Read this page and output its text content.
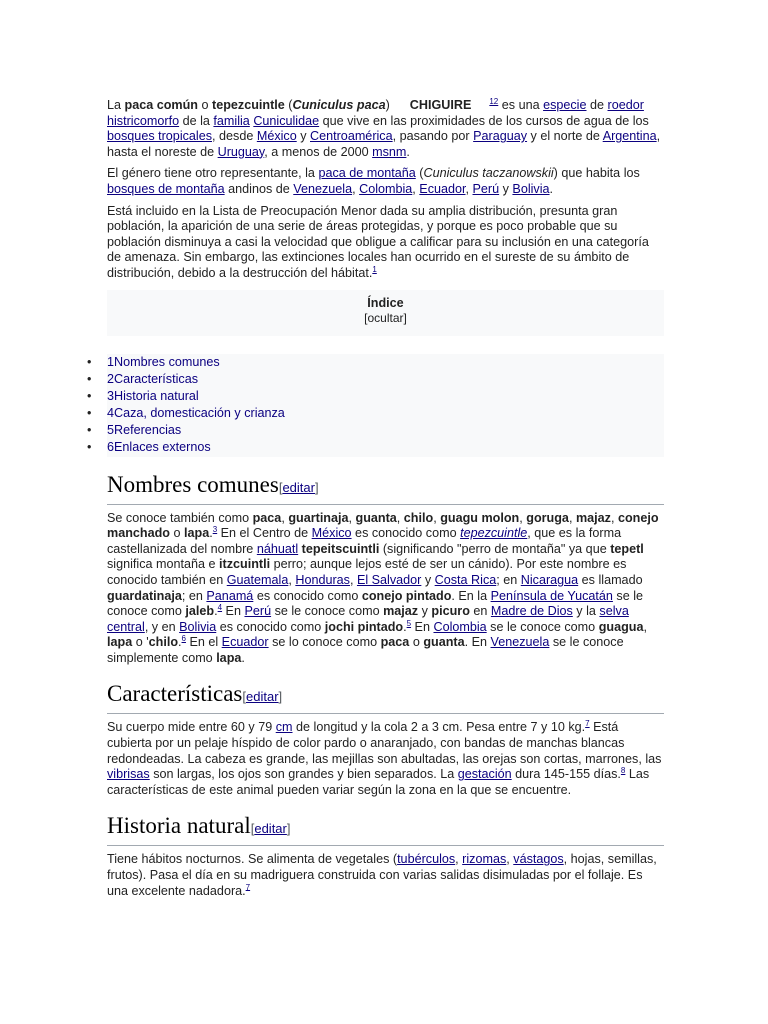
La paca común o tepezcuintle (Cuniculus paca) CHIGUIRE $^{12}$ es una especie de roedor histricomorfo de la familia Cuniculidae que vive en las proximidades de los cursos de agua de los bosques tropicales, desde México y Centroamérica, pasando por Paraguay y el norte de Argentina, hasta el noreste de Uruguay, a menos de 2000 msnm.

El género tiene otro representante, la paca de montaña (Cuniculus taczanowskii) que habita los bosques de montaña andinos de Venezuela, Colombia, Ecuador, Perú y Bolivia.

Está incluido en la Lista de Preocupación Menor dada su amplia distribución, presunta gran población, la aparición de una serie de áreas protegidas, y porque es poco probable que su población disminuya a casi la velocidad que obligue a calificar para su inclusión en una categoría de amenaza. Sin embargo, las extinciones locales han ocurrido en el sureste de su ámbito de distribución, debido a la destrucción del hábitat.$^1$

Índice
[ocultar]
• 1Nombres comunes
• 2Características
• 3Historia natural
• 4Caza, domesticación y crianza
• 5Referencias
• 6Enlaces externos
Nombres comunes[editar]

Se conoce también como paca, guartinaja, guanta, chilo, guagu molon, goruga, majaz, conejo manchado o lapa.$^3$ En el Centro de México es conocido como tepezcuintle, que es la forma castellanizada del nombre náhuatl tepeitscuintli (significando "perro de montaña" ya que tepetl significa montaña e itzcuintli perro; aunque lejos esté de ser un cánido). Por este nombre es conocido también en Guatemala, Honduras, El Salvador y Costa Rica; en Nicaragua es llamado guardatinaja; en Panamá es conocido como conejo pintado. En la Península de Yucatán se le conoce como jaleb.$^4$ En Perú se le conoce como majaz y picuro en Madre de Dios y la selva central, y en Bolivia es conocido como jochi pintado.$^5$ En Colombia se le conoce como guagua, lapa o 'chilo.$^6$ En el Ecuador se lo conoce como paca o guanta. En Venezuela se le conoce simplemente como lapa.

Características[editar]

Su cuerpo mide entre 60 y 79 cm de longitud y la cola 2 a 3 cm. Pesa entre 7 y 10 kg.$^7$ Está cubierta por un pelaje híspido de color pardo o anaranjado, con bandas de manchas blancas redondeadas. La cabeza es grande, las mejillas son abultadas, las orejas son cortas, marrones, las vibrisas son largas, los ojos son grandes y bien separados. La gestación dura 145-155 días.$^8$ Las características de este animal pueden variar según la zona en la que se encuentre.

Historia natural[editar]

Tiene hábitos nocturnos. Se alimenta de vegetales (tubérculos, rizomas, vástagos, hojas, semillas, frutos). Pasa el día en su madriguera construida con varias salidas disimuladas por el follaje. Es una excelente nadadora.$^7$
